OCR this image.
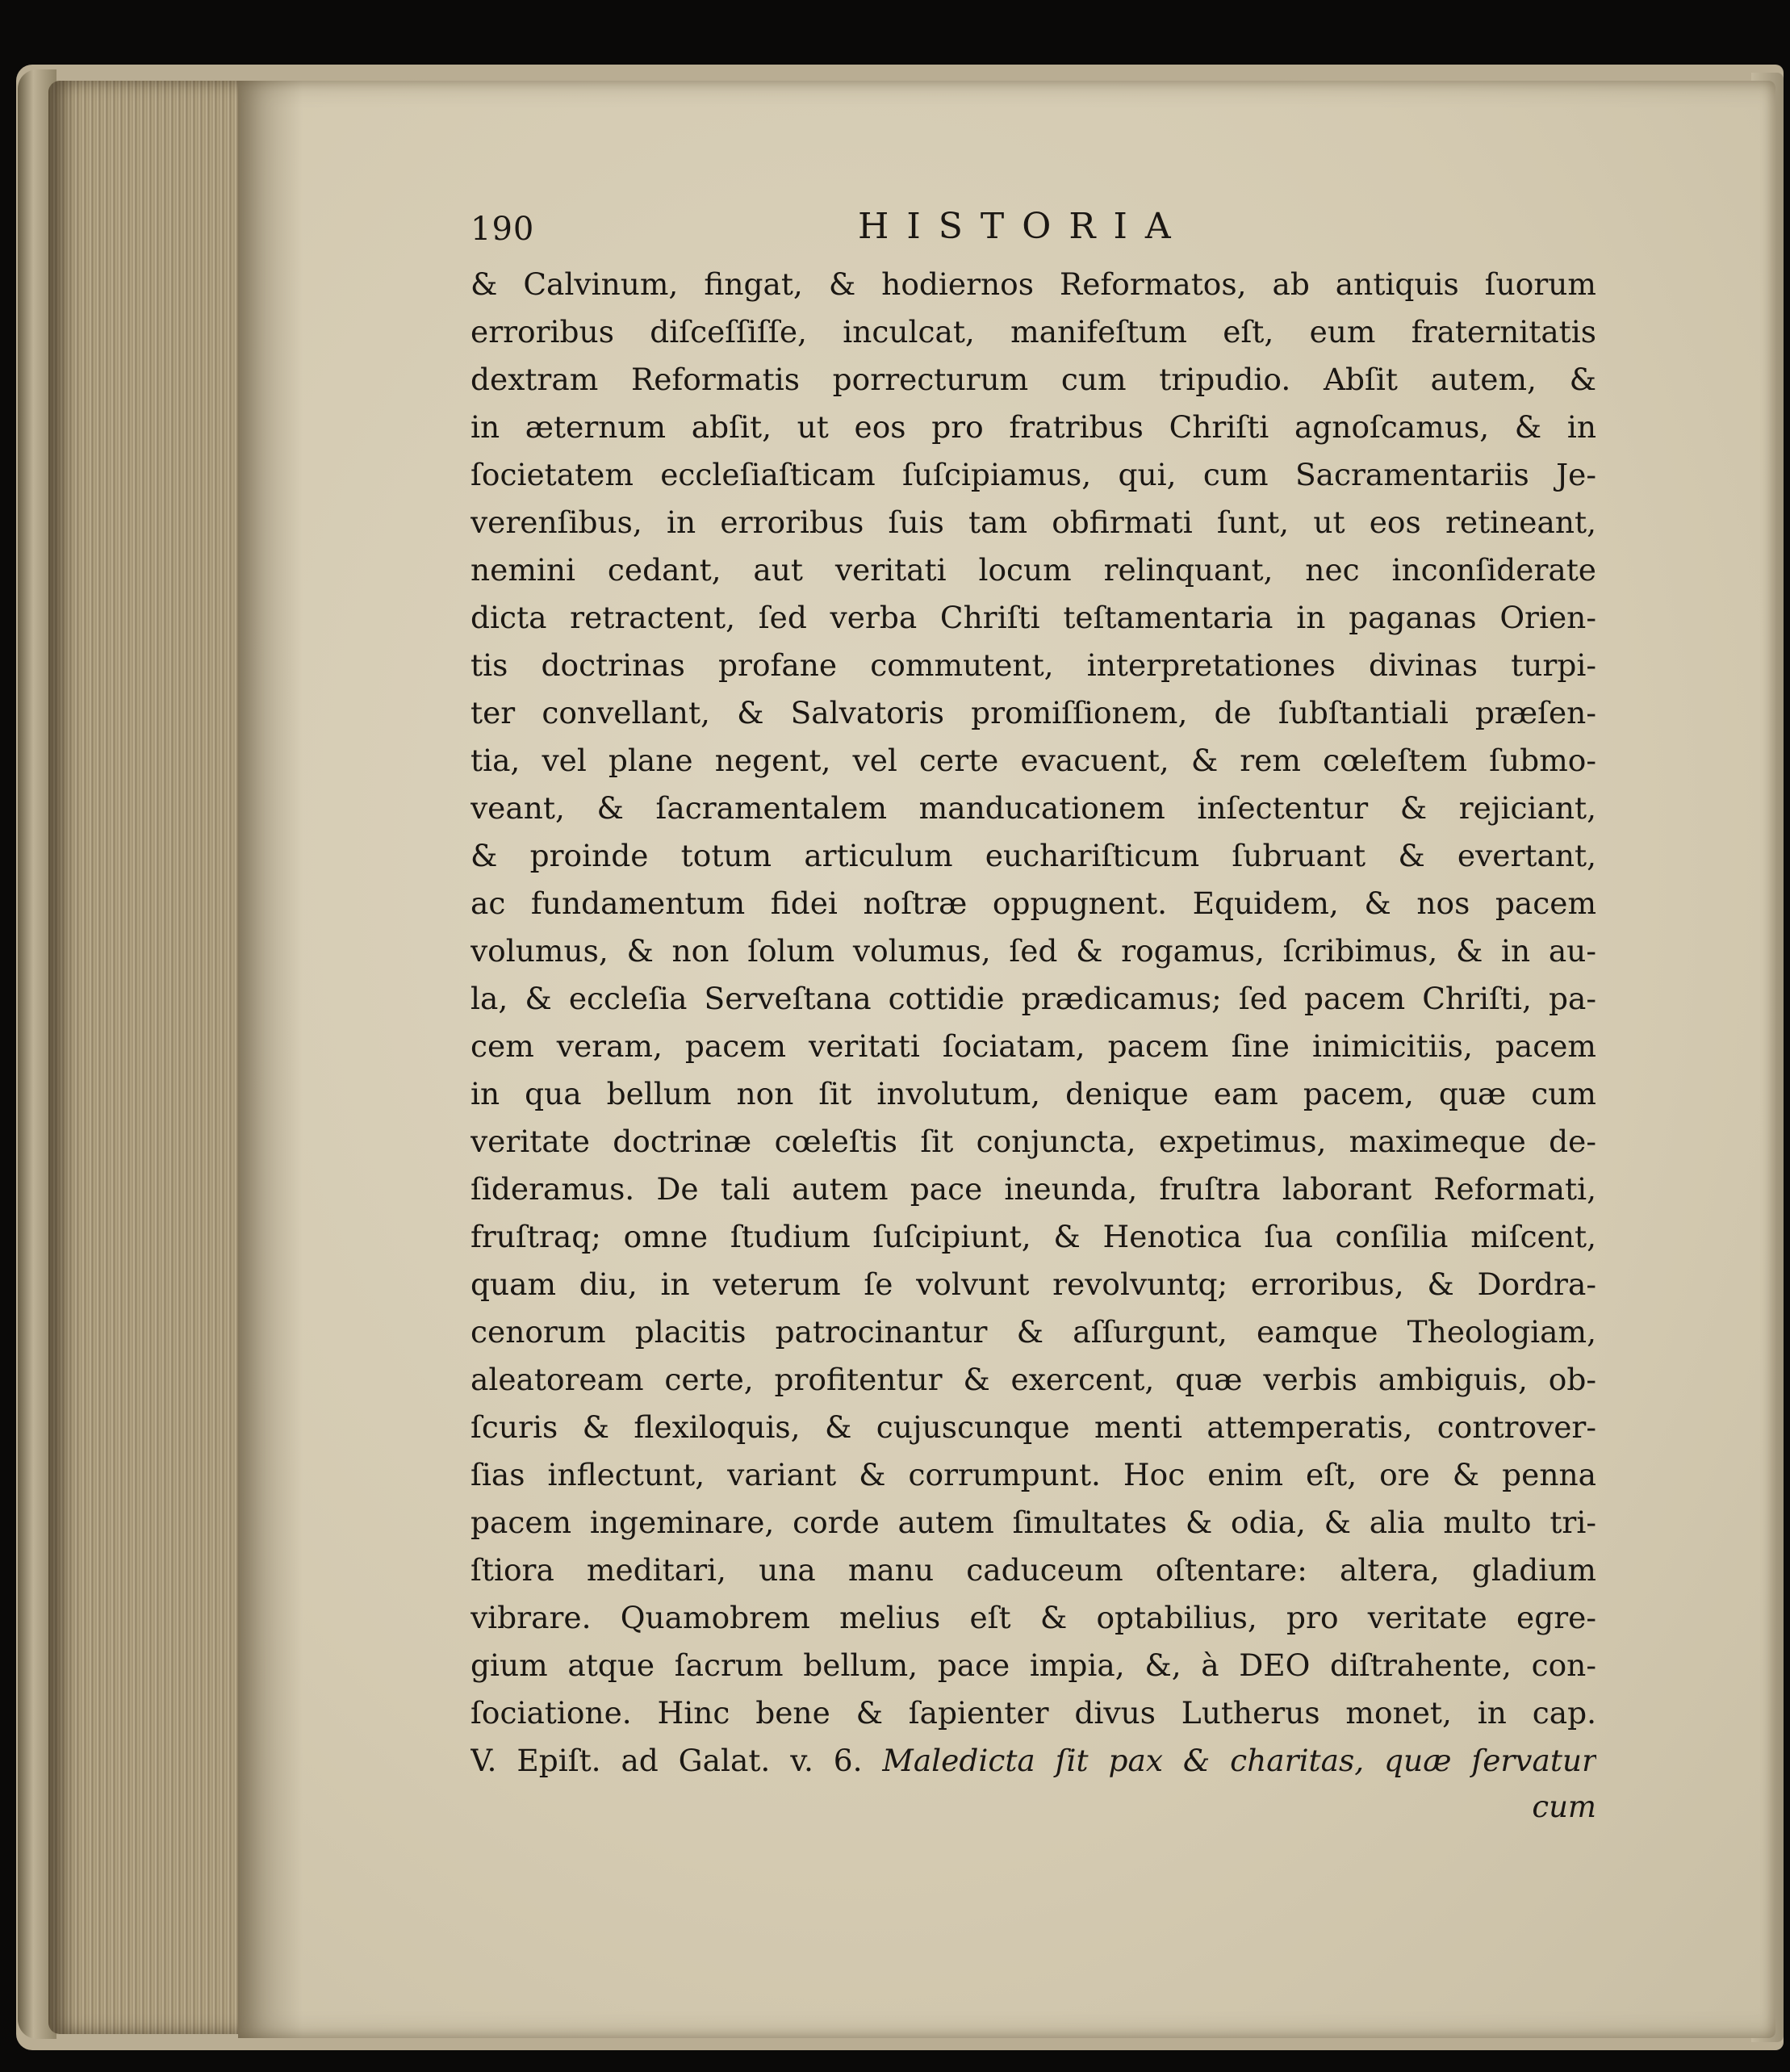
190	HISTORIA
& Calvinum, fingat, & hodiernos Reformatos, ab antiquis ſuorum
erroribus diſceſſiſſe, inculcat, manifeſtum eſt, eum fraternitatis
dextram Reformatis porrecturum cum tripudio. Abſit autem, &
in æternum abſit, ut eos pro fratribus Chriſti agnoſcamus, & in
ſocietatem eccleſiaſticam ſuſcipiamus, qui, cum Sacramentariis Je-
verenſibus, in erroribus ſuis tam obfirmati ſunt, ut eos retineant,
nemini cedant, aut veritati locum relinquant, nec inconſiderate
dicta retractent, ſed verba Chriſti teſtamentaria in paganas Orien-
tis doctrinas profane commutent, interpretationes divinas turpi-
ter convellant, & Salvatoris promiſſionem, de ſubſtantiali præſen-
tia, vel plane negent, vel certe evacuent, & rem cœleſtem ſubmo-
veant, & ſacramentalem manducationem inſectentur & rejiciant,
& proinde totum articulum euchariſticum ſubruant & evertant,
ac fundamentum fidei noſtræ oppugnent. Equidem, & nos pacem
volumus, & non ſolum volumus, ſed & rogamus, ſcribimus, & in au-
la, & eccleſia Serveſtana cottidie prædicamus; ſed pacem Chriſti, pa-
cem veram, pacem veritati ſociatam, pacem ſine inimicitiis, pacem
in qua bellum non ſit involutum, denique eam pacem, quæ cum
veritate doctrinæ cœleſtis ſit conjuncta, expetimus, maximeque de-
ſideramus. De tali autem pace ineunda, fruſtra laborant Reformati,
fruſtraq; omne ſtudium ſuſcipiunt, & Henotica ſua conſilia miſcent,
quam diu, in veterum ſe volvunt revolvuntq; erroribus, & Dordra-
cenorum placitis patrocinantur & aſſurgunt, eamque Theologiam,
aleatoream certe, profitentur & exercent, quæ verbis ambiguis, ob-
ſcuris & flexiloquis, & cujuscunque menti attemperatis, controver-
ſias inflectunt, variant & corrumpunt. Hoc enim eſt, ore & penna
pacem ingeminare, corde autem ſimultates & odia, & alia multo tri-
ſtiora meditari, una manu caduceum oſtentare: altera, gladium
vibrare. Quamobrem melius eſt & optabilius, pro veritate egre-
gium atque ſacrum bellum, pace impia, &, à DEO diſtrahente, con-
ſociatione. Hinc bene & ſapienter divus Lutherus monet, in cap.
V. Epiſt. ad Galat. v. 6. Maledicta ſit pax & charitas, quæ ſervatur
cum
